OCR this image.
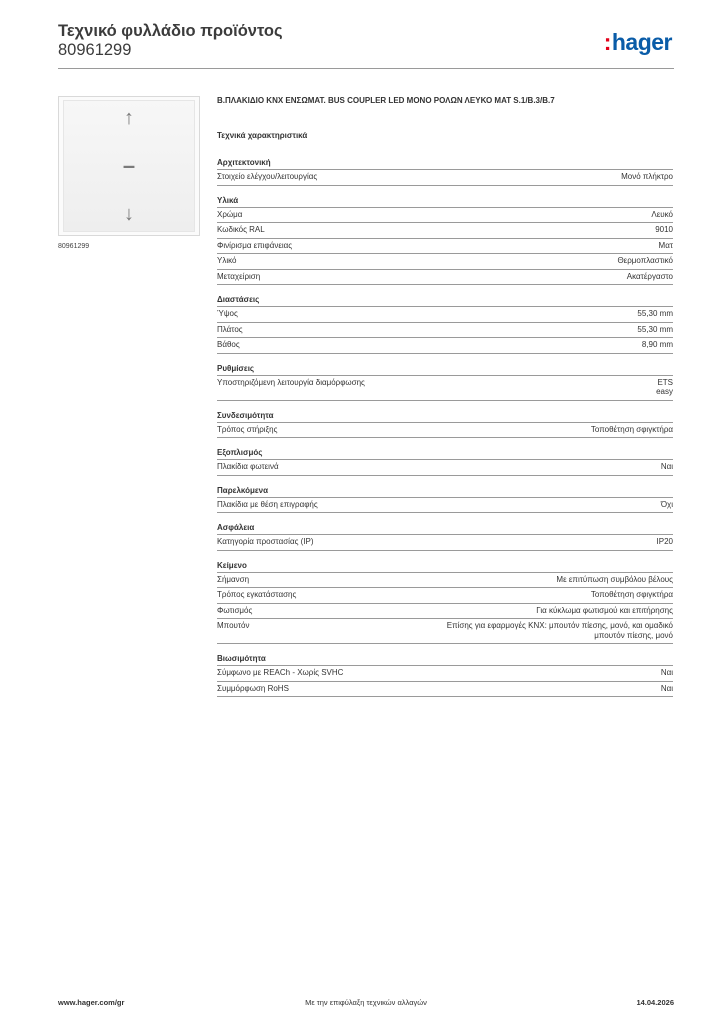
Τεχνικό φυλλάδιο προϊόντος
80961299	:hager
↑
–
↓
80961299
Β.ΠΛΑΚΙΔΙΟ KNX ΕΝΣΩΜΑΤ. BUS COUPLER LED ΜΟΝΟ ΡΟΛΩΝ ΛΕΥΚΟ ΜΑΤ S.1/B.3/B.7
Τεχνικά χαρακτηριστικά
Αρχιτεκτονική
Στοιχείο ελέγχου/λειτουργίας	Μονό πλήκτρο
Υλικά
Χρώμα	Λευκό
Κωδικός RAL	9010
Φινίρισμα επιφάνειας	Ματ
Υλικό	Θερμοπλαστικό
Μεταχείριση	Ακατέργαστο
Διαστάσεις
Ύψος	55,30 mm
Πλάτος	55,30 mm
Βάθος	8,90 mm
Ρυθμίσεις
Υποστηριζόμενη λειτουργία διαμόρφωσης	ETS
easy
Συνδεσιμότητα
Τρόπος στήριξης	Τοποθέτηση σφιγκτήρα
Εξοπλισμός
Πλακίδια φωτεινά	Ναι
Παρελκόμενα
Πλακίδια με θέση επιγραφής	Όχι
Ασφάλεια
Κατηγορία προστασίας (IP)	IP20
Κείμενο
Σήμανση	Με επιτύπωση συμβόλου βέλους
Τρόπος εγκατάστασης	Τοποθέτηση σφιγκτήρα
Φωτισμός	Για κύκλωμα φωτισμού και επιτήρησης
Μπουτόν	Επίσης για εφαρμογές KNX: μπουτόν πίεσης, μονό, και ομαδικό
μπουτόν πίεσης, μονό
Βιωσιμότητα
Σύμφωνο με REACh - Χωρίς SVHC	Ναι
Συμμόρφωση RoHS	Ναι
www.hager.com/gr	Με την επιφύλαξη τεχνικών αλλαγών	14.04.2026
